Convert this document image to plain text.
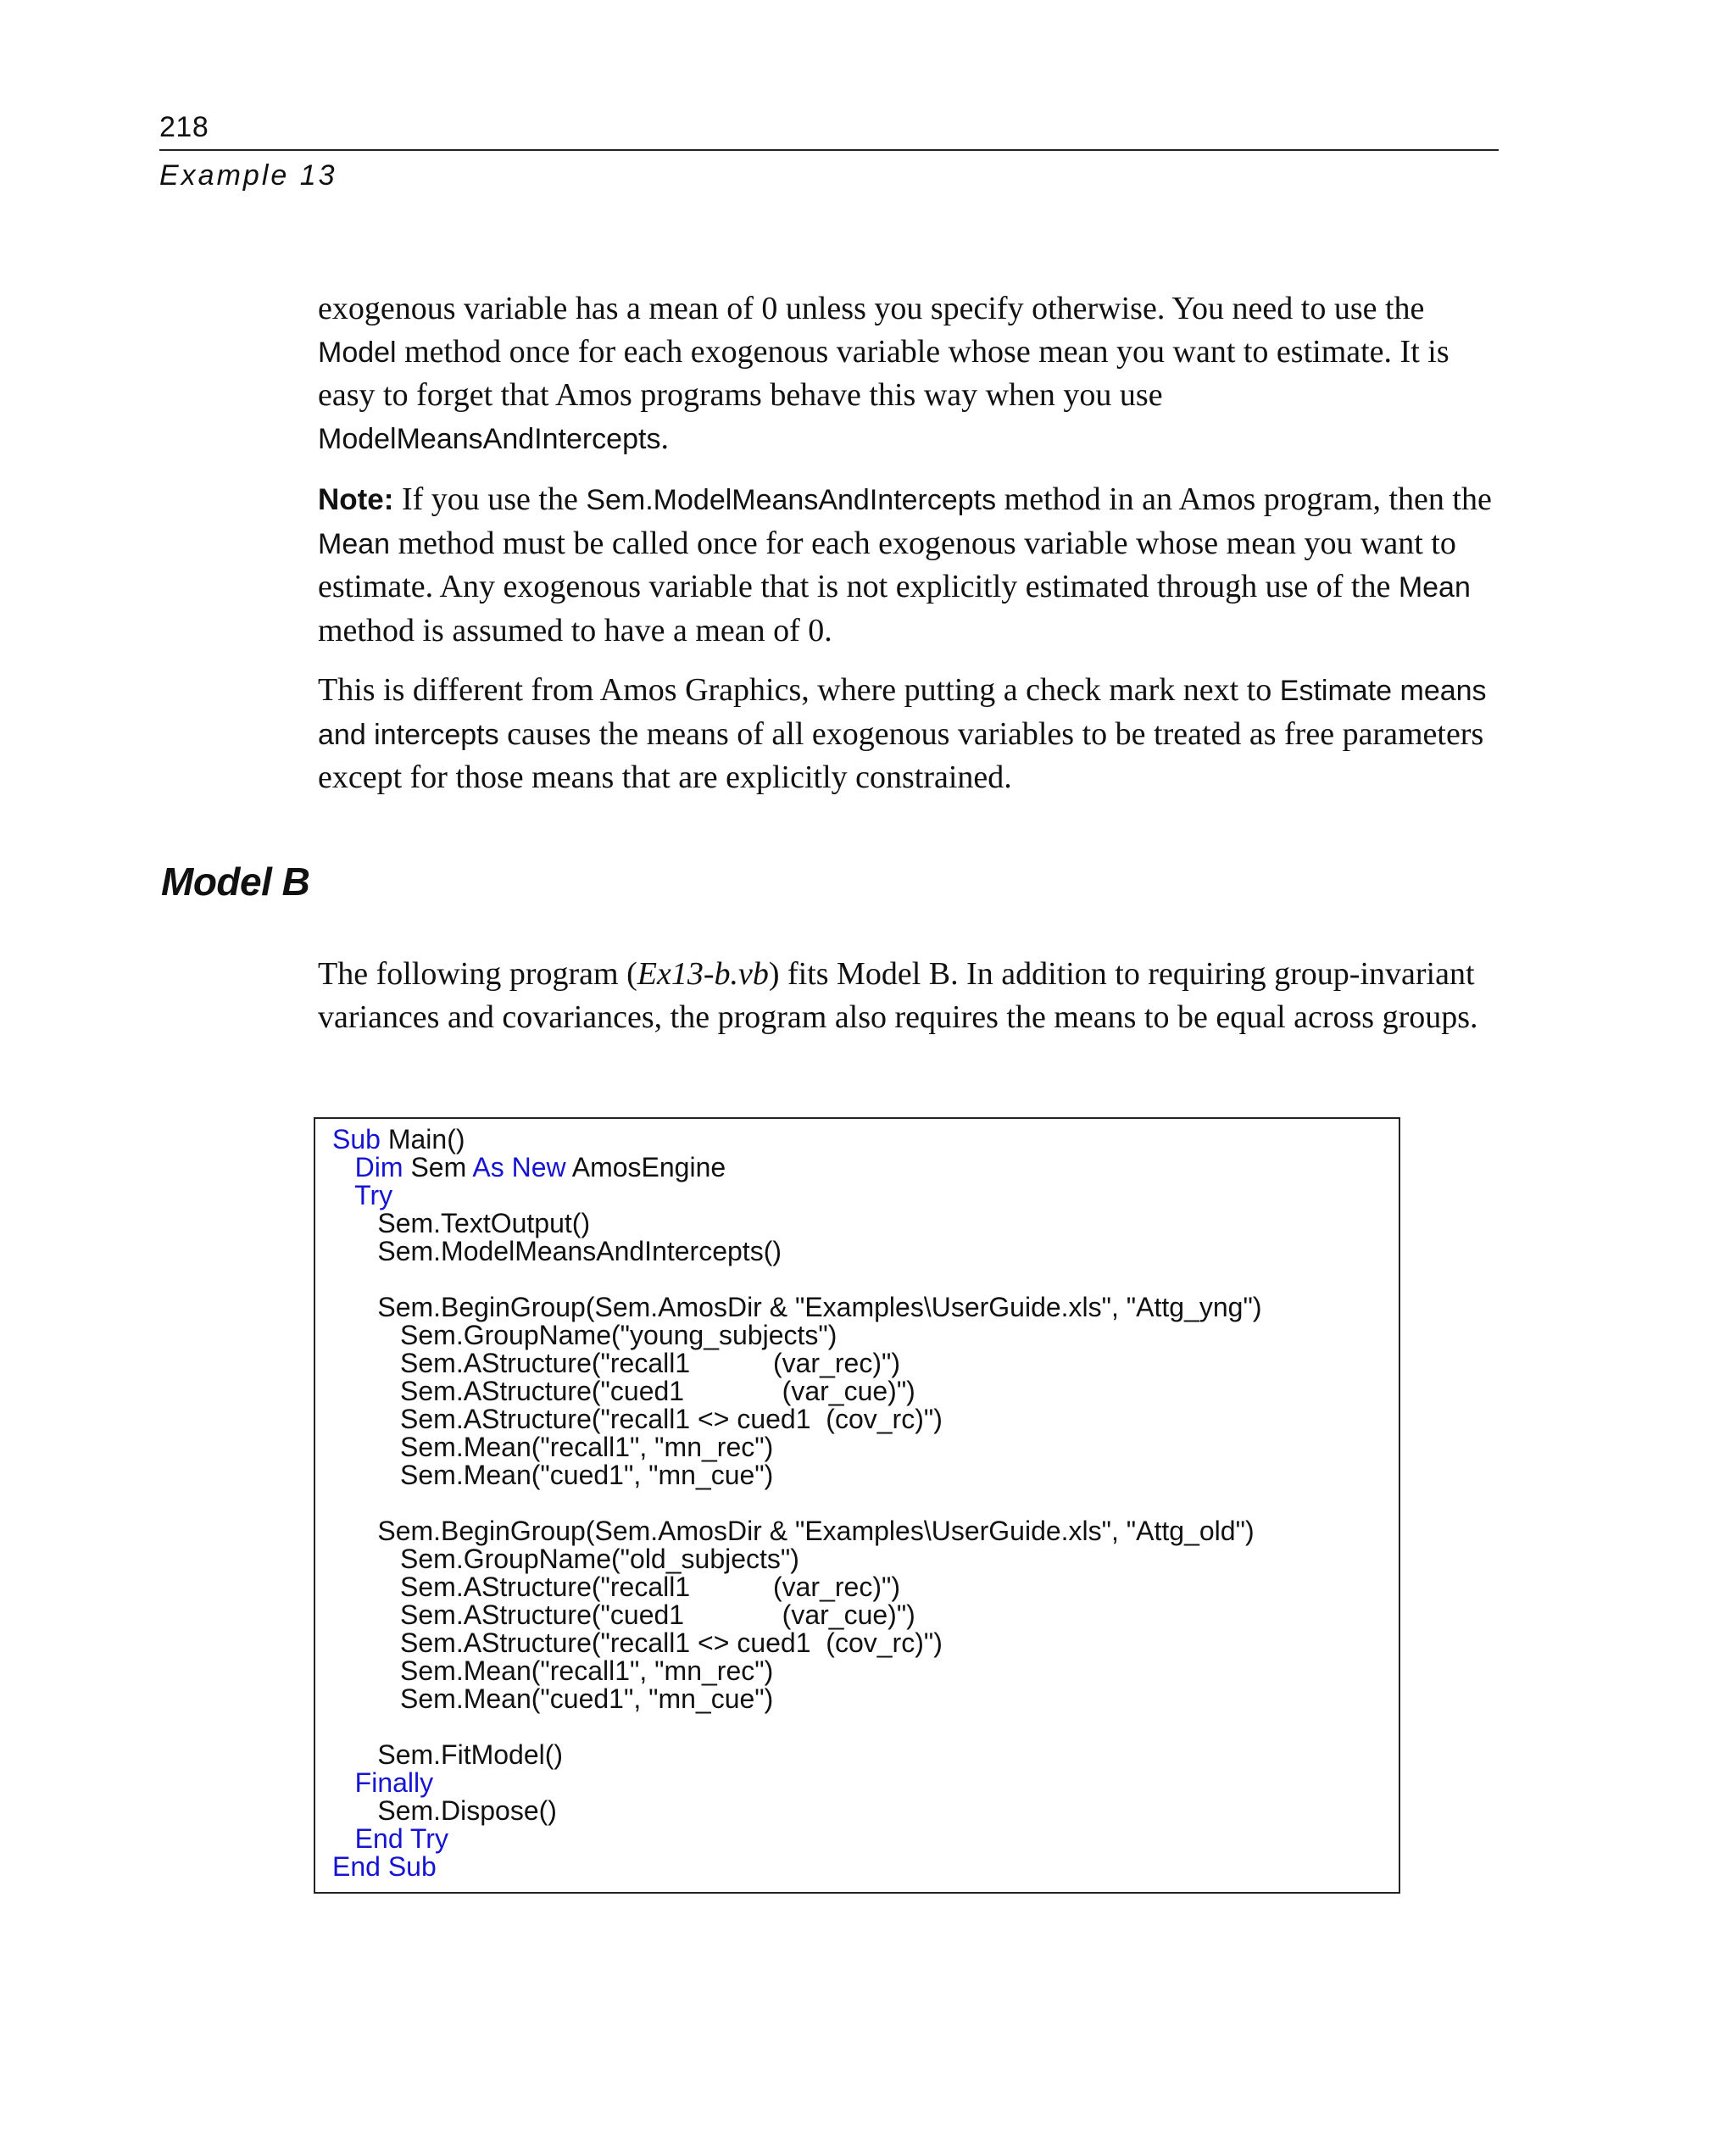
218
Example 13

exogenous variable has a mean of 0 unless you specify otherwise. You need to use the Model method once for each exogenous variable whose mean you want to estimate. It is easy to forget that Amos programs behave this way when you use ModelMeansAndIntercepts.

Note: If you use the Sem.ModelMeansAndIntercepts method in an Amos program, then the Mean method must be called once for each exogenous variable whose mean you want to estimate. Any exogenous variable that is not explicitly estimated through use of the Mean method is assumed to have a mean of 0.

This is different from Amos Graphics, where putting a check mark next to Estimate means and intercepts causes the means of all exogenous variables to be treated as free parameters except for those means that are explicitly constrained.

Model B

The following program (Ex13-b.vb) fits Model B. In addition to requiring group-invariant variances and covariances, the program also requires the means to be equal across groups.

Sub Main()
Dim Sem As New AmosEngine
Try
Sem.TextOutput()
Sem.ModelMeansAndIntercepts()

Sem.BeginGroup(Sem.AmosDir & "Examples\UserGuide.xls", "Attg_yng")
Sem.GroupName("young_subjects")
Sem.AStructure("recall1           (var_rec)")
Sem.AStructure("cued1             (var_cue)")
Sem.AStructure("recall1 <> cued1  (cov_rc)")
Sem.Mean("recall1", "mn_rec")
Sem.Mean("cued1", "mn_cue")

Sem.BeginGroup(Sem.AmosDir & "Examples\UserGuide.xls", "Attg_old")
Sem.GroupName("old_subjects")
Sem.AStructure("recall1           (var_rec)")
Sem.AStructure("cued1             (var_cue)")
Sem.AStructure("recall1 <> cued1  (cov_rc)")
Sem.Mean("recall1", "mn_rec")
Sem.Mean("cued1", "mn_cue")

Sem.FitModel()
Finally
Sem.Dispose()
End Try
End Sub
